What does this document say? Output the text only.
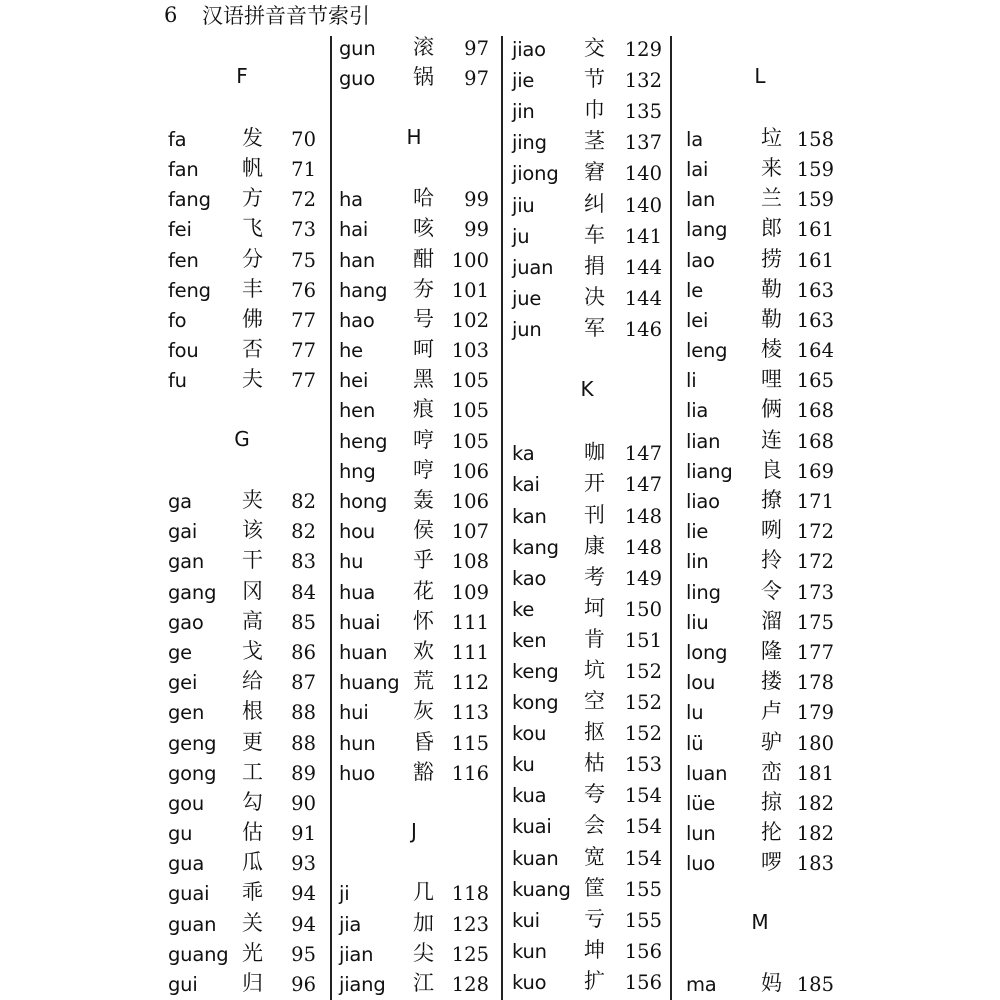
6	汉语拼音音节索引
F
fa	发 70
fan 帆 71
fang 方 72
fei 飞 73
fen 分 75
feng 丰 76
fo	佛 77
fou 否 77
fu	夫 77
G
ga 夹 82
gai 该 82
gan 干 83
gang 冈 84
gao 高 85
ge 戈 86
gei 给 87
gen 根 88
geng 更 88
gong 工 89
gou 勾 90
gu 估 91
gua 瓜 93
guai 乖 94
guan 关 94
guang 光 95
gui 归 96
gun 滚 97
guo 锅 97
H
ha 哈 99
hai 咳 99
han 酣 100
hang 夯 101
hao 号 102
he 呵 103
hei 黑 105
hen 痕 105
heng 哼 105
hng 哼 106
hong 轰 106
hou 侯 107
hu 乎 108
hua 花 109
huai 怀 111
huan 欢 111
huang 荒 112
hui 灰 113
hun 昏 115
huo 豁 116
J
ji	几 118
jia 加 123
jian 尖 125
jiang 江 128
jiao 交 129
jie 节 132
jin 巾 135
jing 茎 137
jiong 窘 140
jiu 纠 140
ju	车 141
juan 捐 144
jue 决 144
jun 军 146
K
ka 咖 147
kai 开 147
kan 刊 148
kang 康 148
kao 考 149
ke 坷 150
ken 肯 151
keng 坑 152
kong 空 152
kou 抠 152
ku 枯 153
kua 夸 154
kuai 会 154
kuan 宽 154
kuang 筐 155
kui 亏 155
kun 坤 156
kuo 扩 156
L
la	垃 158
lai	来 159
lan 兰 159
lang 郎 161
lao 捞 161
le	勒 163
lei	勒 163
leng 棱 164
li	哩 165
lia	俩 168
lian 连 168
liang 良 169
liao 撩 171
lie	咧 172
lin 拎 172
ling 令 173
liu 溜 175
long 隆 177
lou 搂 178
lu	卢 179
lü	驴 180
luan 峦 181
lüe 掠 182
lun 抡 182
luo 啰 183
M
ma 妈 185
